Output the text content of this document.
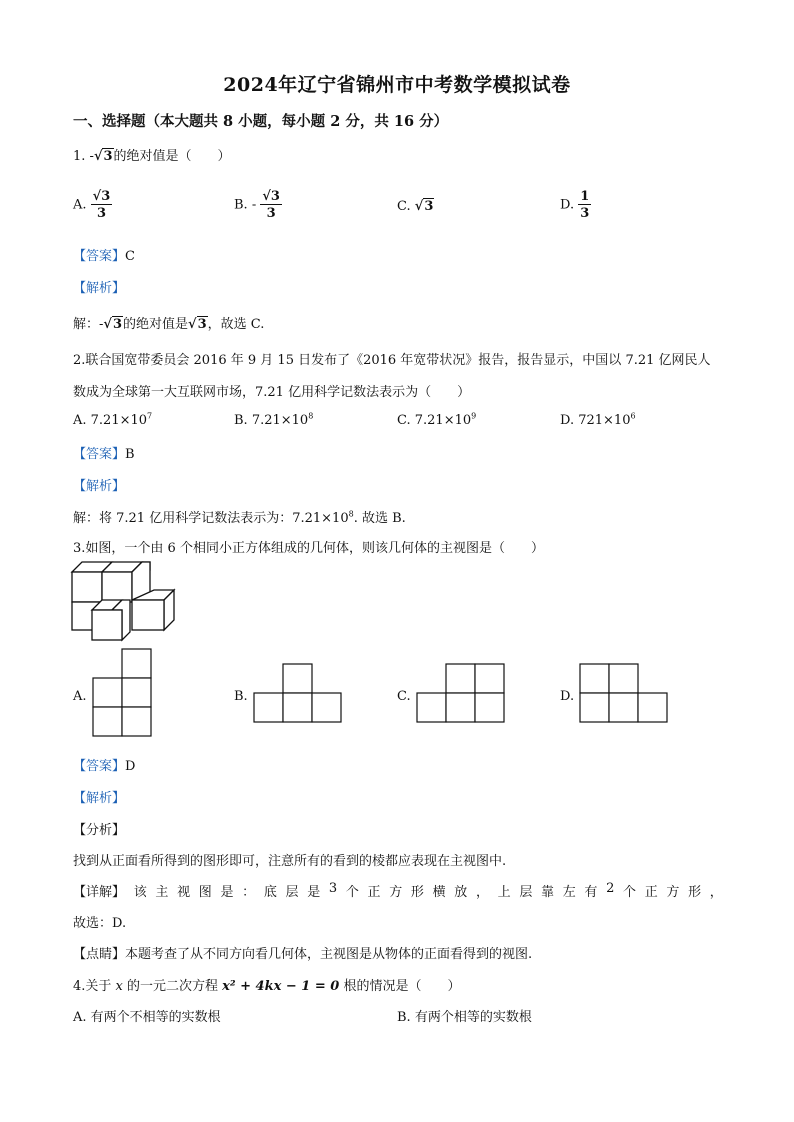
2024年辽宁省锦州市中考数学模拟试卷
一、选择题（本大题共 8 小题，每小题 2 分，共 16 分）
1. -√3的绝对值是（　　）
A. $\frac{√3}{3}$	B. - $\frac{√3}{3}$	C. √3	D. $\frac{1}{3}$
【答案】C
【解析】
解：-√3的绝对值是√3，故选 C.
2.联合国宽带委员会 2016 年 9 月 15 日发布了《2016 年宽带状况》报告，报告显示，中国以 7.21 亿网民人
数成为全球第一大互联网市场，7.21 亿用科学记数法表示为（　　）
A. $7.21\times 10^7$	B. $7.21\times 10^8$	C. $7.21\times 10^9$	D. $721\times 10^6$
【答案】B
【解析】
解：将 7.21 亿用科学记数法表示为：$7.21\times 10^8$. 故选 B.
3.如图，一个由 6 个相同小正方体组成的几何体，则该几何体的主视图是（　　）
A.	B.	C.	D.
【答案】D
【解析】
【分析】
找到从正面看所得到的图形即可，注意所有的看到的棱都应表现在主视图中.
【详解】 该 主 视 图 是 ： 底 层 是 3 个 正 方 形 横 放 ， 上 层 靠 左 有 2 个 正 方 形 ，
故选：D.
【点睛】本题考查了从不同方向看几何体，主视图是从物体的正面看得到的视图.
4.关于 x 的一元二次方程 x² + 4kx − 1 = 0 根的情况是（　　）
A. 有两个不相等的实数根	B. 有两个相等的实数根
